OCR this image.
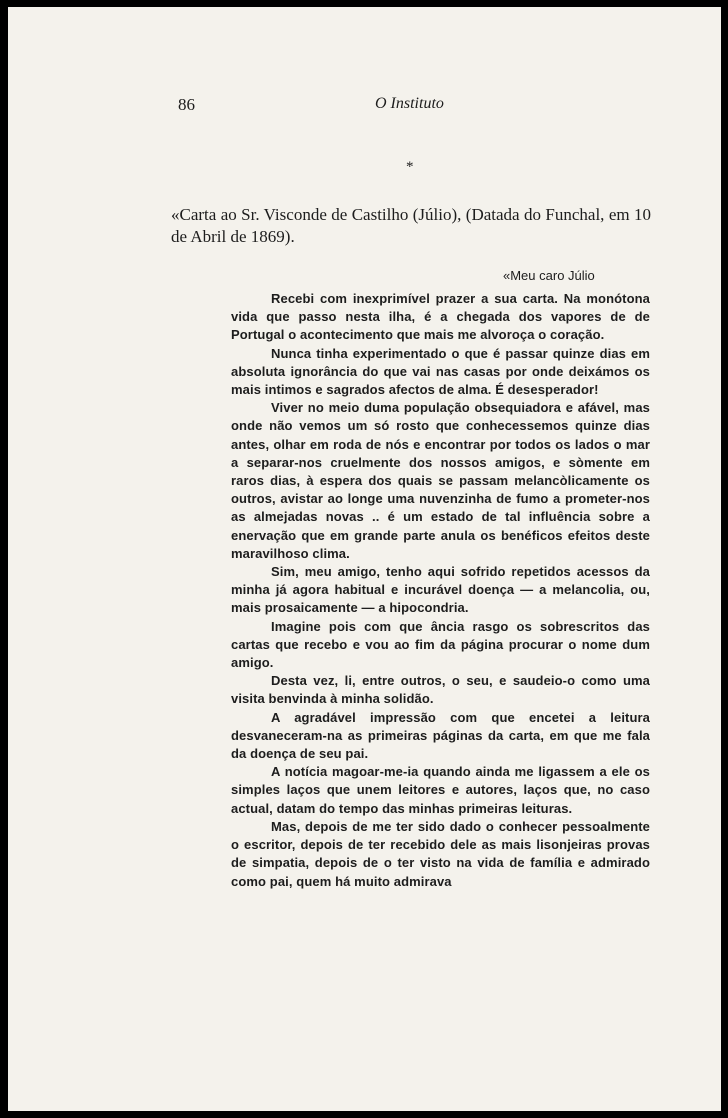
86	O Instituto
*
«Carta ao Sr. Visconde de Castilho (Júlio), (Datada do Funchal, em 10 de Abril de 1869).
«Meu caro Júlio

Recebi com inexprimível prazer a sua carta. Na monótona vida que passo nesta ilha, é a chegada dos vapores de de Portugal o acontecimento que mais me alvoroça o coração.

Nunca tinha experimentado o que é passar quinze dias em absoluta ignorância do que vai nas casas por onde deixámos os mais intimos e sagrados afectos de alma. É desesperador!

Viver no meio duma população obsequiadora e afável, mas onde não vemos um só rosto que conhecessemos quinze dias antes, olhar em roda de nós e encontrar por todos os lados o mar a separar-nos cruelmente dos nossos amigos, e sòmente em raros dias, à espera dos quais se passam melancòlicamente os outros, avistar ao longe uma nuvenzinha de fumo a prometer-nos as almejadas novas .. é um estado de tal influência sobre a enervação que em grande parte anula os benéficos efeitos deste maravilhoso clima.

Sim, meu amigo, tenho aqui sofrido repetidos acessos da minha já agora habitual e incurável doença — a melancolia, ou, mais prosaicamente — a hipocondria.

Imagine pois com que ância rasgo os sobrescritos das cartas que recebo e vou ao fim da página procurar o nome dum amigo.

Desta vez, li, entre outros, o seu, e saudeio-o como uma visita benvinda à minha solidão.

A agradável impressão com que encetei a leitura desvaneceram-na as primeiras páginas da carta, em que me fala da doença de seu pai.

A notícia magoar-me-ia quando ainda me ligassem a ele os simples laços que unem leitores e autores, laços que, no caso actual, datam do tempo das minhas primeiras leituras.

Mas, depois de me ter sido dado o conhecer pessoalmente o escritor, depois de ter recebido dele as mais lisonjeiras provas de simpatia, depois de o ter visto na vida de família e admirado como pai, quem há muito admirava
